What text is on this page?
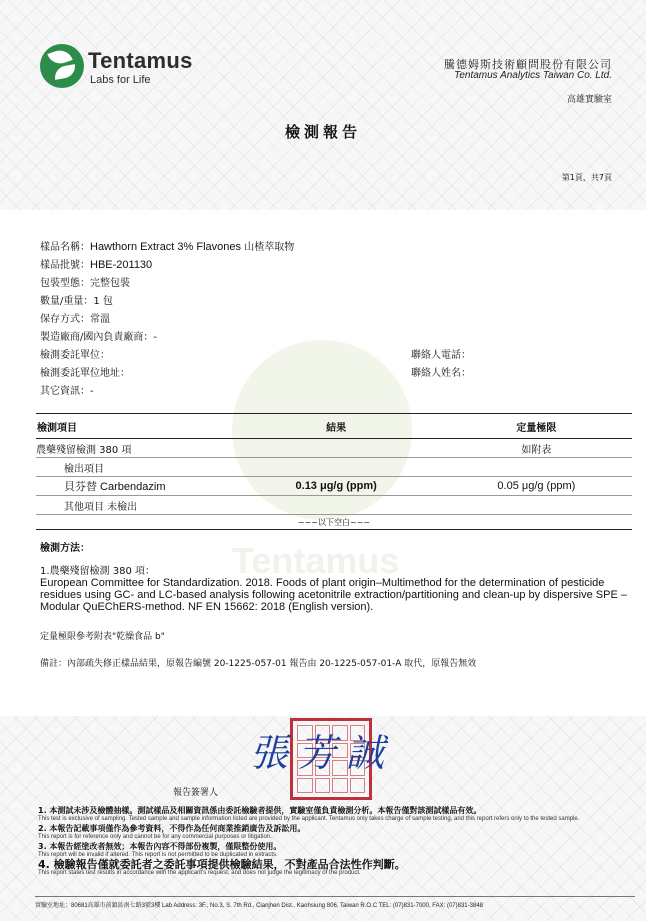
Tentamus
Tentamus
Labs for Life
騰德姆斯技術顧問股份有限公司
Tentamus Analytics Taiwan Co. Ltd.
高雄實驗室
檢測報告
第1頁，共7頁
樣品名稱：Hawthorn Extract 3% Flavones 山楂萃取物
樣品批號：HBE-201130
包裝型態：完整包裝
數量/重量：1 包
保存方式：常溫
製造廠商/國內負責廠商：-
檢測委託單位：
檢測委託單位地址：
其它資訊：-
聯絡人電話：
聯絡人姓名：
檢測項目	結果	定量極限
農藥殘留檢測 380 項		如附表
檢出項目		
貝芬替 Carbendazim	0.13 μg/g (ppm)	0.05 μg/g (ppm)
其他項目 未檢出		
~~~以下空白~~~		
檢測方法：
1.農藥殘留檢測 380 項：
European Committee for Standardization. 2018. Foods of plant origin–Multimethod for the determination of pesticide residues using GC- and LC-based analysis following acetonitrile extraction/partitioning and clean-up by dispersive SPE – Modular QuEChERS-method. NF EN 15662: 2018 (English version).
定量極限參考附表"乾燥食品 b"
備註：內部疏失修正樣品結果，原報告編號 20-1225-057-01 報告由 20-1225-057-01-A 取代，原報告無效
張芳誠
報告簽署人
1. 本測試未涉及檢體抽樣。測試樣品及相關資訊係由委託檢驗者提供，實驗室僅負責檢測分析。本報告僅對該測試樣品有效。
This test is exclusive of sampling. Tested sample and sample information listed are provided by the applicant. Tentamus only takes charge of sample testing, and this report refers only to the tested sample.
2. 本報告記載事項僅作為參考資料，不得作為任何商業推銷廣告及訴訟用。
This report is for reference only and cannot be for any commercial purposes or litigation.
3. 本報告經塗改者無效；本報告內容不得部份複製，僅限整份使用。
This report will be invalid if altered. This report is not permitted to be duplicated in extracts.
4. 檢驗報告僅就委託者之委託事項提供檢驗結果，不對產品合法性作判斷。
This report states test results in accordance with the applicant's request, and does not judge the legitimacy of the product.
實驗室地址：80681高雄市前鎮區南七路3號3樓 Lab Address: 3F., No.3, S. 7th Rd., Cianjhen Dist., Kaohsiung 806, Taiwan R.O.C TEL: (07)831-7000, FAX: (07)831-3848
